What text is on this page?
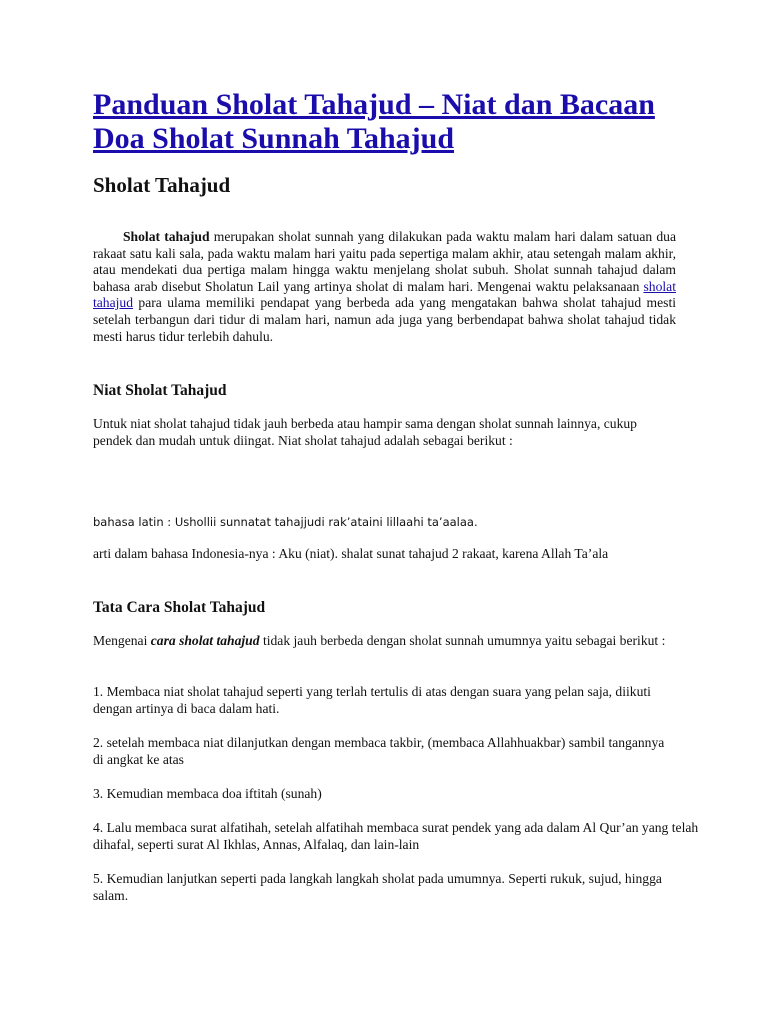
Panduan Sholat Tahajud – Niat dan Bacaan Doa Sholat Sunnah Tahajud
Sholat Tahajud

Sholat tahajud merupakan sholat sunnah yang dilakukan pada waktu malam hari dalam satuan dua rakaat satu kali sala, pada waktu malam hari yaitu pada sepertiga malam akhir, atau setengah malam akhir, atau mendekati dua pertiga malam hingga waktu menjelang sholat subuh. Sholat sunnah tahajud dalam bahasa arab disebut Sholatun Lail yang artinya sholat di malam hari. Mengenai waktu pelaksanaan sholat tahajud para ulama memiliki pendapat yang berbeda ada yang mengatakan bahwa sholat tahajud mesti setelah terbangun dari tidur di malam hari, namun ada juga yang berbendapat bahwa sholat tahajud tidak mesti harus tidur terlebih dahulu.

Niat Sholat Tahajud

Untuk niat sholat tahajud tidak jauh berbeda atau hampir sama dengan sholat sunnah lainnya, cukup pendek dan mudah untuk diingat. Niat sholat tahajud adalah sebagai berikut :

bahasa latin : Ushollii sunnatat tahajjudi rak’ataini lillaahi ta’aalaa.

arti dalam bahasa Indonesia-nya : Aku (niat). shalat sunat tahajud 2 rakaat, karena Allah Ta’ala

Tata Cara Sholat Tahajud

Mengenai cara sholat tahajud tidak jauh berbeda dengan sholat sunnah umumnya yaitu sebagai berikut :

1. Membaca niat sholat tahajud seperti yang terlah tertulis di atas dengan suara yang pelan saja, diikuti dengan artinya di baca dalam hati.

2. setelah membaca niat dilanjutkan dengan membaca takbir, (membaca Allahhuakbar) sambil tangannya di angkat ke atas

3. Kemudian membaca doa iftitah (sunah)

4. Lalu membaca surat alfatihah, setelah alfatihah membaca surat pendek yang ada dalam Al Qur’an yang telah dihafal, seperti surat Al Ikhlas, Annas, Alfalaq, dan lain-lain

5. Kemudian lanjutkan seperti pada langkah langkah sholat pada umumnya. Seperti rukuk, sujud, hingga salam.
